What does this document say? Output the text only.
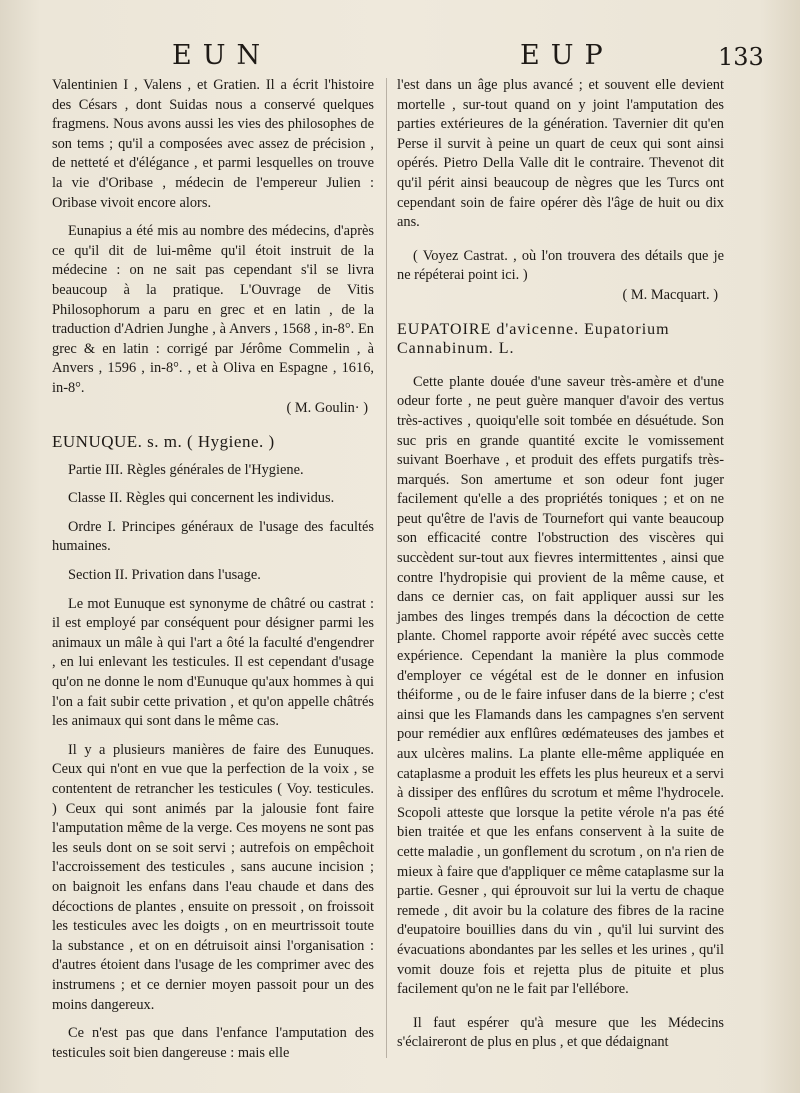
EUN	EUP	133

Valentinien I , Valens , et Gratien. Il a écrit l'histoire des Césars , dont Suidas nous a conservé quelques fragmens. Nous avons aussi les vies des philosophes de son tems ; qu'il a composées avec assez de précision , de netteté et d'élégance , et parmi lesquelles on trouve la vie d'Oribase , médecin de l'empereur Julien : Oribase vivoit encore alors.

Eunapius a été mis au nombre des médecins, d'après ce qu'il dit de lui-même qu'il étoit instruit de la médecine : on ne sait pas cependant s'il se livra beaucoup à la pratique. L'Ouvrage de Vitis Philosophorum a paru en grec et en latin , de la traduction d'Adrien Junghe , à Anvers , 1568 , in-8°. En grec & en latin : corrigé par Jérôme Commelin , à Anvers , 1596 , in-8°. , et à Oliva en Espagne , 1616, in-8°.

( M. Goulin· )

EUNUQUE. s. m. ( Hygiene. )

Partie III. Règles générales de l'Hygiene.

Classe II. Règles qui concernent les individus.

Ordre I. Principes généraux de l'usage des facultés humaines.

Section II. Privation dans l'usage.

Le mot Eunuque est synonyme de châtré ou castrat : il est employé par conséquent pour désigner parmi les animaux un mâle à qui l'art a ôté la faculté d'engendrer , en lui enlevant les testicules. Il est cependant d'usage qu'on ne donne le nom d'Eunuque qu'aux hommes à qui l'on a fait subir cette privation , et qu'on appelle châtrés les animaux qui sont dans le même cas.

Il y a plusieurs manières de faire des Eunuques. Ceux qui n'ont en vue que la perfection de la voix , se contentent de retrancher les testicules ( Voy. testicules. ) Ceux qui sont animés par la jalousie font faire l'amputation même de la verge. Ces moyens ne sont pas les seuls dont on se soit servi ; autrefois on empêchoit l'accroissement des testicules , sans aucune incision ; on baignoit les enfans dans l'eau chaude et dans des décoctions de plantes , ensuite on pressoit , on froissoit les testicules avec les doigts , on en meurtrissoit toute la substance , et on en détruisoit ainsi l'organisation : d'autres étoient dans l'usage de les comprimer avec des instrumens ; et ce dernier moyen passoit pour un des moins dangereux.

Ce n'est pas que dans l'enfance l'amputation des testicules soit bien dangereuse : mais elle

l'est dans un âge plus avancé ; et souvent elle devient mortelle , sur-tout quand on y joint l'amputation des parties extérieures de la génération. Tavernier dit qu'en Perse il survit à peine un quart de ceux qui sont ainsi opérés. Pietro Della Valle dit le contraire. Thevenot dit qu'il périt ainsi beaucoup de nègres que les Turcs ont cependant soin de faire opérer dès l'âge de huit ou dix ans.

( Voyez Castrat. , où l'on trouvera des détails que je ne répéterai point ici. )

( M. Macquart. )

EUPATOIRE d'avicenne. Eupatorium Cannabinum. L.

Cette plante douée d'une saveur très-amère et d'une odeur forte , ne peut guère manquer d'avoir des vertus très-actives , quoiqu'elle soit tombée en désuétude. Son suc pris en grande quantité excite le vomissement suivant Boerhave , et produit des effets purgatifs très-marqués. Son amertume et son odeur font juger facilement qu'elle a des propriétés toniques ; et on ne peut qu'être de l'avis de Tournefort qui vante beaucoup son efficacité contre l'obstruction des viscères qui succèdent sur-tout aux fievres intermittentes , ainsi que contre l'hydropisie qui provient de la même cause, et dans ce dernier cas, on fait appliquer aussi sur les jambes des linges trempés dans la décoction de cette plante. Chomel rapporte avoir répété avec succès cette expérience. Cependant la manière la plus commode d'employer ce végétal est de le donner en infusion théiforme , ou de le faire infuser dans de la bierre ; c'est ainsi que les Flamands dans les campagnes s'en servent pour remédier aux enflûres œdémateuses des jambes et aux ulcères malins. La plante elle-même appliquée en cataplasme a produit les effets les plus heureux et a servi à dissiper des enflûres du scrotum et même l'hydrocele. Scopoli atteste que lorsque la petite vérole n'a pas été bien traitée et que les enfans conservent à la suite de cette maladie , un gonflement du scrotum , on n'a rien de mieux à faire que d'appliquer ce même cataplasme sur la partie. Gesner , qui éprouvoit sur lui la vertu de chaque remede , dit avoir bu la colature des fibres de la racine d'eupatoire bouillies dans du vin , qu'il lui survint des évacuations abondantes par les selles et les urines , qu'il vomit douze fois et rejetta plus de pituite et plus facilement qu'on ne le fait par l'ellébore.

Il faut espérer qu'à mesure que les Médecins s'éclaireront de plus en plus , et que dédaignant
